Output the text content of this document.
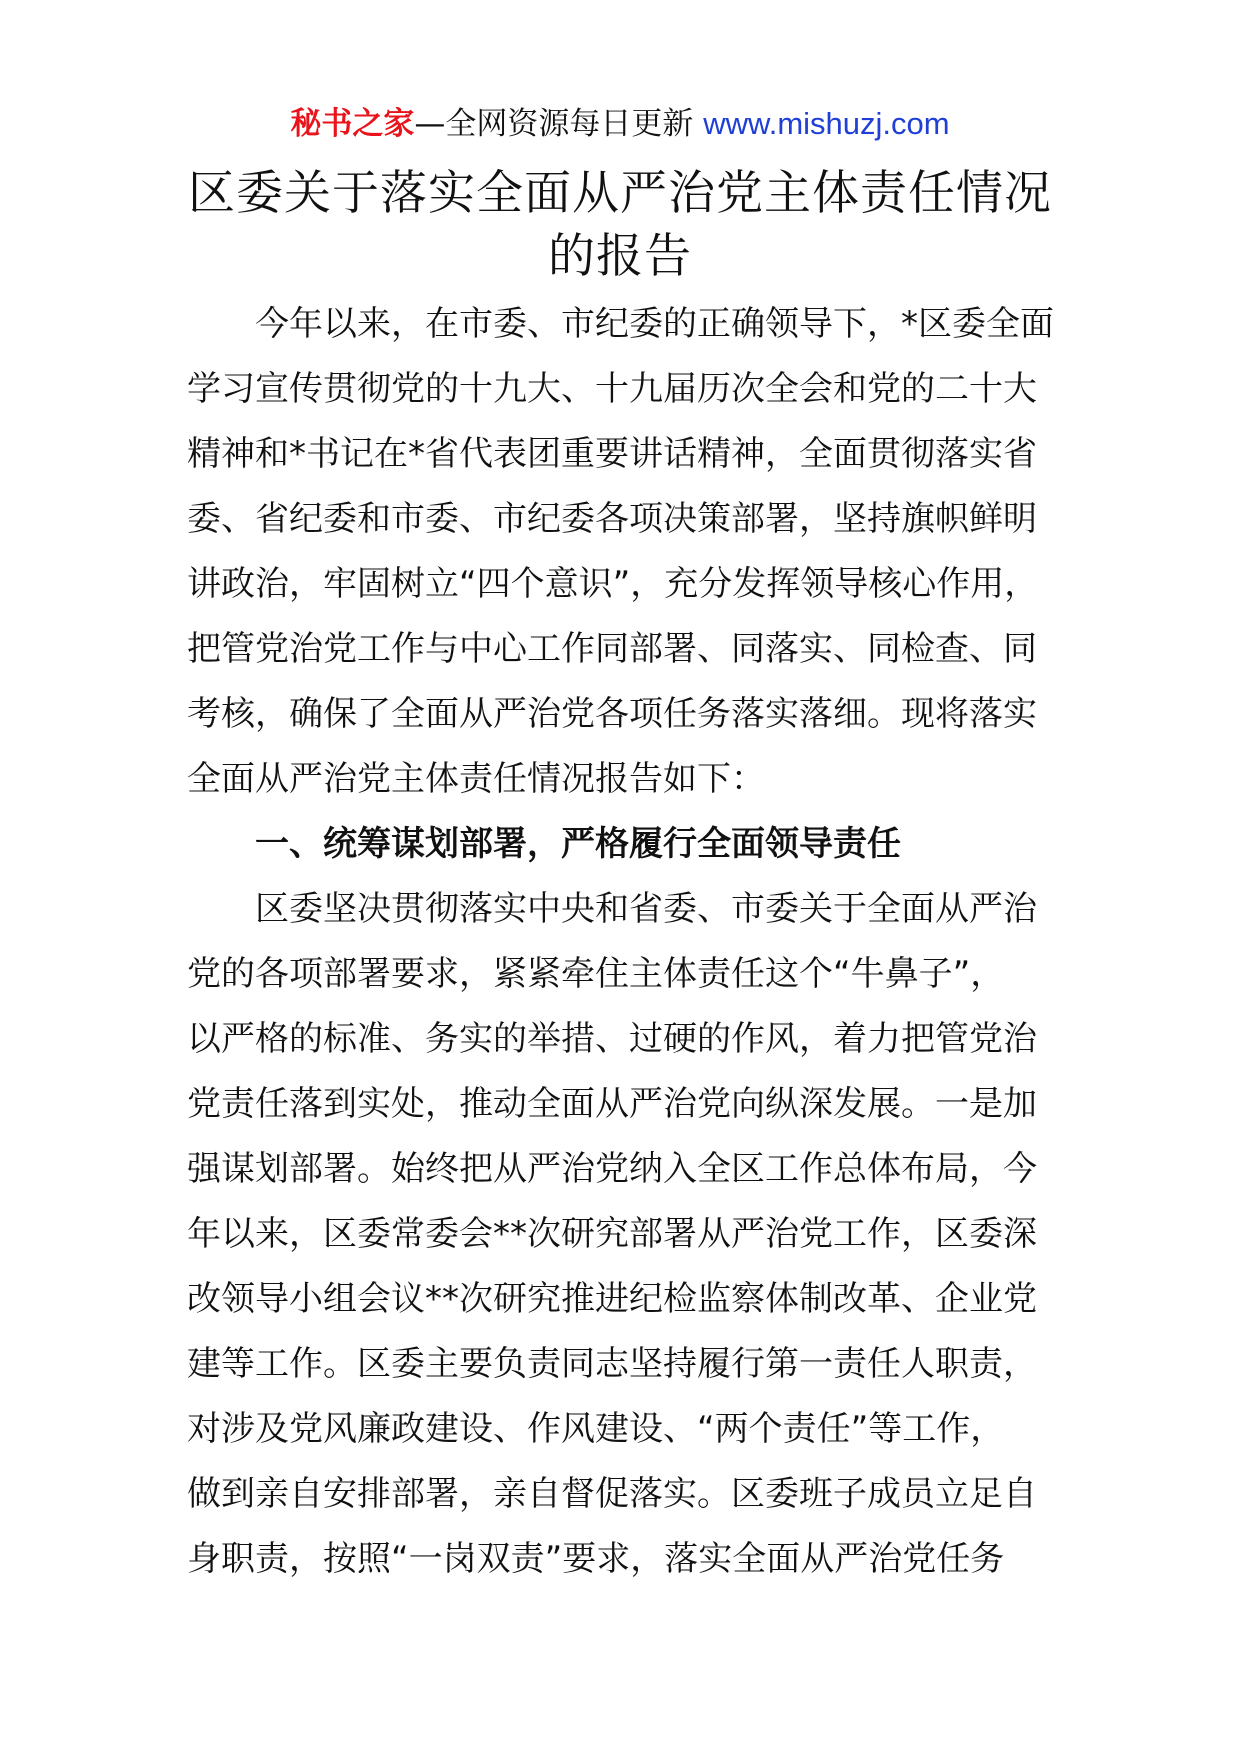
秘书之家—全网资源每日更新 www.mishuzj.com
区委关于落实全面从严治党主体责任情况
的报告
今年以来，在市委、市纪委的正确领导下，*区委全面
学习宣传贯彻党的十九大、十九届历次全会和党的二十大
精神和*书记在*省代表团重要讲话精神，全面贯彻落实省
委、省纪委和市委、市纪委各项决策部署，坚持旗帜鲜明
讲政治，牢固树立“四个意识”，充分发挥领导核心作用，
把管党治党工作与中心工作同部署、同落实、同检查、同
考核，确保了全面从严治党各项任务落实落细。现将落实
全面从严治党主体责任情况报告如下：
一、统筹谋划部署，严格履行全面领导责任
区委坚决贯彻落实中央和省委、市委关于全面从严治
党的各项部署要求，紧紧牵住主体责任这个“牛鼻子”，
以严格的标准、务实的举措、过硬的作风，着力把管党治
党责任落到实处，推动全面从严治党向纵深发展。一是加
强谋划部署。始终把从严治党纳入全区工作总体布局，今
年以来，区委常委会**次研究部署从严治党工作，区委深
改领导小组会议**次研究推进纪检监察体制改革、企业党
建等工作。区委主要负责同志坚持履行第一责任人职责，
对涉及党风廉政建设、作风建设、“两个责任”等工作，
做到亲自安排部署，亲自督促落实。区委班子成员立足自
身职责，按照“一岗双责”要求，落实全面从严治党任务
